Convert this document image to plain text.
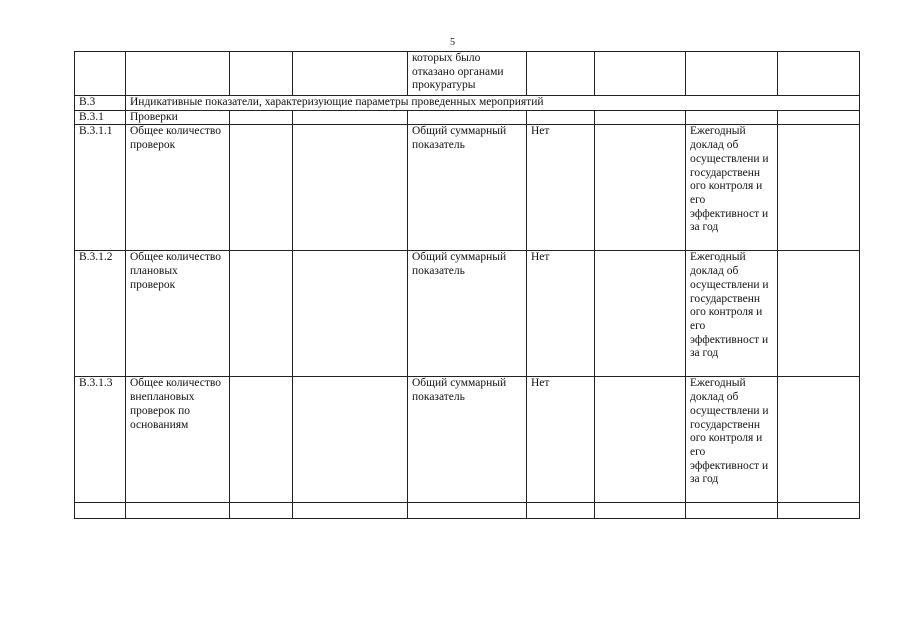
5
				которых было отказано органами прокуратуры				
В.3	Индикативные показатели, характеризующие параметры проведенных мероприятий							
В.3.1	Проверки							
В.3.1.1	Общее количество проверок			Общий суммарный показатель	Нет		Ежегодный доклад об осуществлени и государственн ого контроля и его эффективност и за год	
В.3.1.2	Общее количество плановых проверок			Общий суммарный показатель	Нет		Ежегодный доклад об осуществлени и государственн ого контроля и его эффективност и за год	
В.3.1.3	Общее количество внеплановых проверок по основаниям			Общий суммарный показатель	Нет		Ежегодный доклад об осуществлени и государственн ого контроля и его эффективност и за год	
